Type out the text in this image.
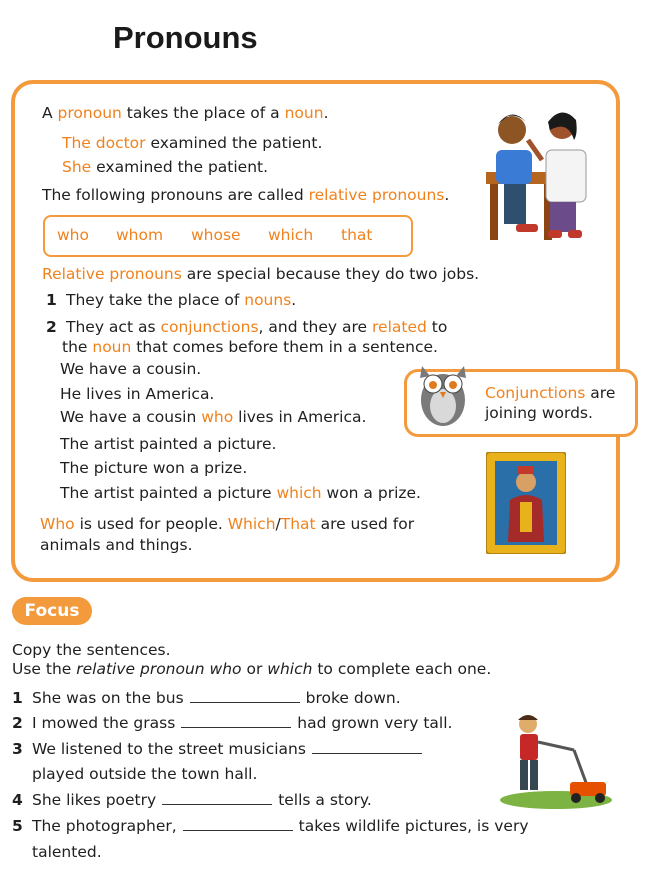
Pronouns
A pronoun takes the place of a noun.
The doctor examined the patient.
She examined the patient.
The following pronouns are called relative pronouns.
who whom whose which that
Relative pronouns are special because they do two jobs.
1 They take the place of nouns.
2 They act as conjunctions, and they are related to
the noun that comes before them in a sentence.
We have a cousin.
He lives in America.
We have a cousin who lives in America.
The artist painted a picture.
The picture won a prize.
The artist painted a picture which won a prize.
Who is used for people. Which/That are used for
animals and things.
Conjunctions are
joining words.
Focus
Copy the sentences.
Use the relative pronoun who or which to complete each one.
1 She was on the bus	broke down.
2 I mowed the grass	had grown very tall.
3 We listened to the street musicians
played outside the town hall.
4 She likes poetry	tells a story.
5 The photographer,	takes wildlife pictures, is very
talented.
